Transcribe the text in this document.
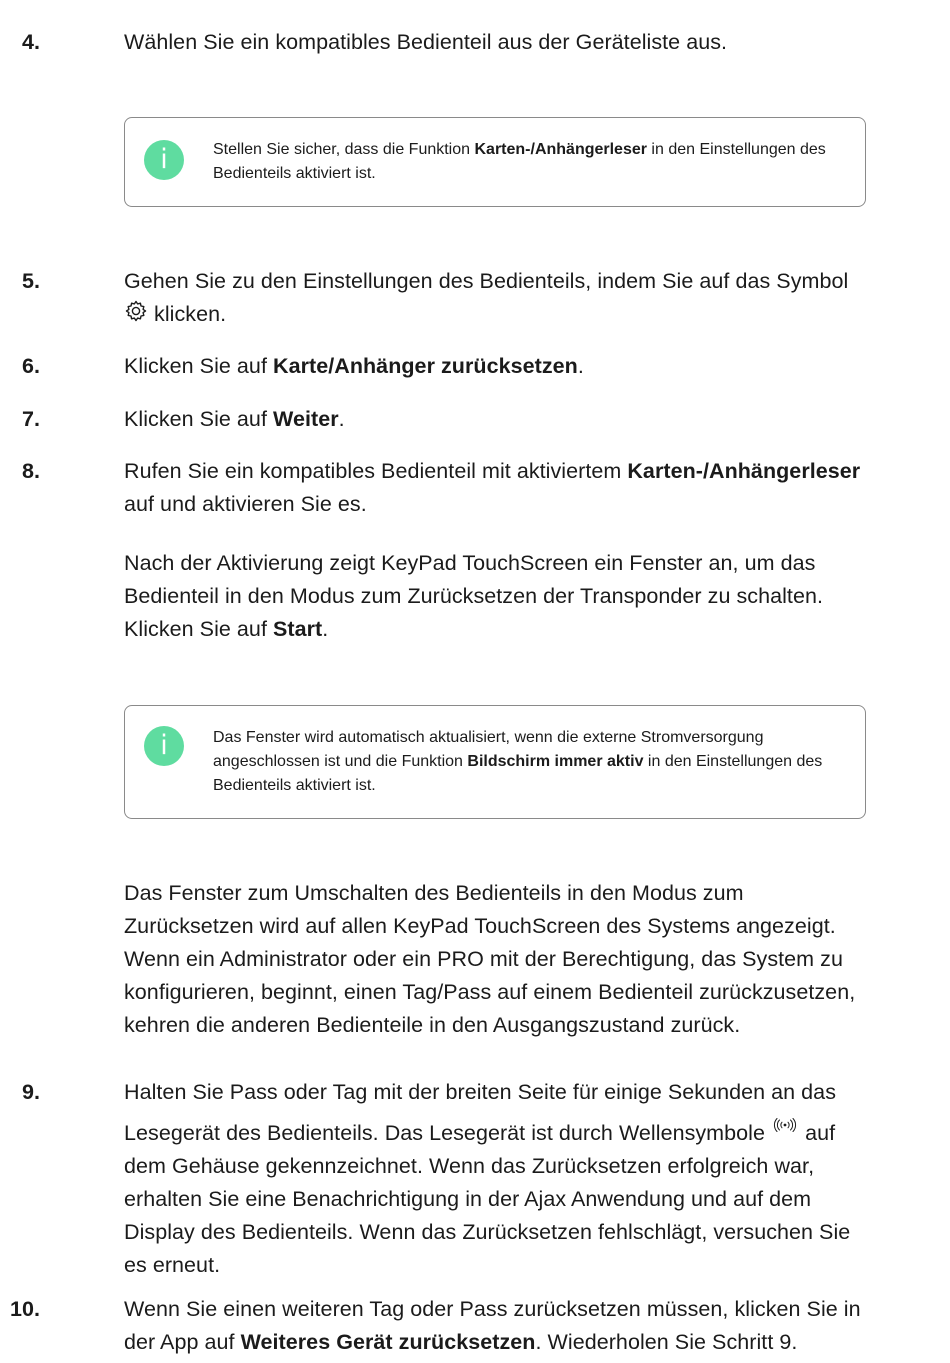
4.	Wählen Sie ein kompatibles Bedienteil aus der Geräteliste aus.
i	Stellen Sie sicher, dass die Funktion Karten-/Anhängerleser in den Einstellungen des Bedienteils aktiviert ist.
5.	Gehen Sie zu den Einstellungen des Bedienteils, indem Sie auf das Symbol  klicken.
6.	Klicken Sie auf Karte/Anhänger zurücksetzen.
7.	Klicken Sie auf Weiter.
8.	Rufen Sie ein kompatibles Bedienteil mit aktiviertem Karten-/Anhängerleser auf und aktivieren Sie es.
Nach der Aktivierung zeigt KeyPad TouchScreen ein Fenster an, um das Bedienteil in den Modus zum Zurücksetzen der Transponder zu schalten. Klicken Sie auf Start.
i	Das Fenster wird automatisch aktualisiert, wenn die externe Stromversorgung angeschlossen ist und die Funktion Bildschirm immer aktiv in den Einstellungen des Bedienteils aktiviert ist.
Das Fenster zum Umschalten des Bedienteils in den Modus zum Zurücksetzen wird auf allen KeyPad TouchScreen des Systems angezeigt. Wenn ein Administrator oder ein PRO mit der Berechtigung, das System zu konfigurieren, beginnt, einen Tag/Pass auf einem Bedienteil zurückzusetzen, kehren die anderen Bedienteile in den Ausgangszustand zurück.
9.	Halten Sie Pass oder Tag mit der breiten Seite für einige Sekunden an das Lesegerät des Bedienteils. Das Lesegerät ist durch Wellensymbole auf dem Gehäuse gekennzeichnet. Wenn das Zurücksetzen erfolgreich war, erhalten Sie eine Benachrichtigung in der Ajax Anwendung und auf dem Display des Bedienteils. Wenn das Zurücksetzen fehlschlägt, versuchen Sie es erneut.
10.	Wenn Sie einen weiteren Tag oder Pass zurücksetzen müssen, klicken Sie in der App auf Weiteres Gerät zurücksetzen. Wiederholen Sie Schritt 9.
